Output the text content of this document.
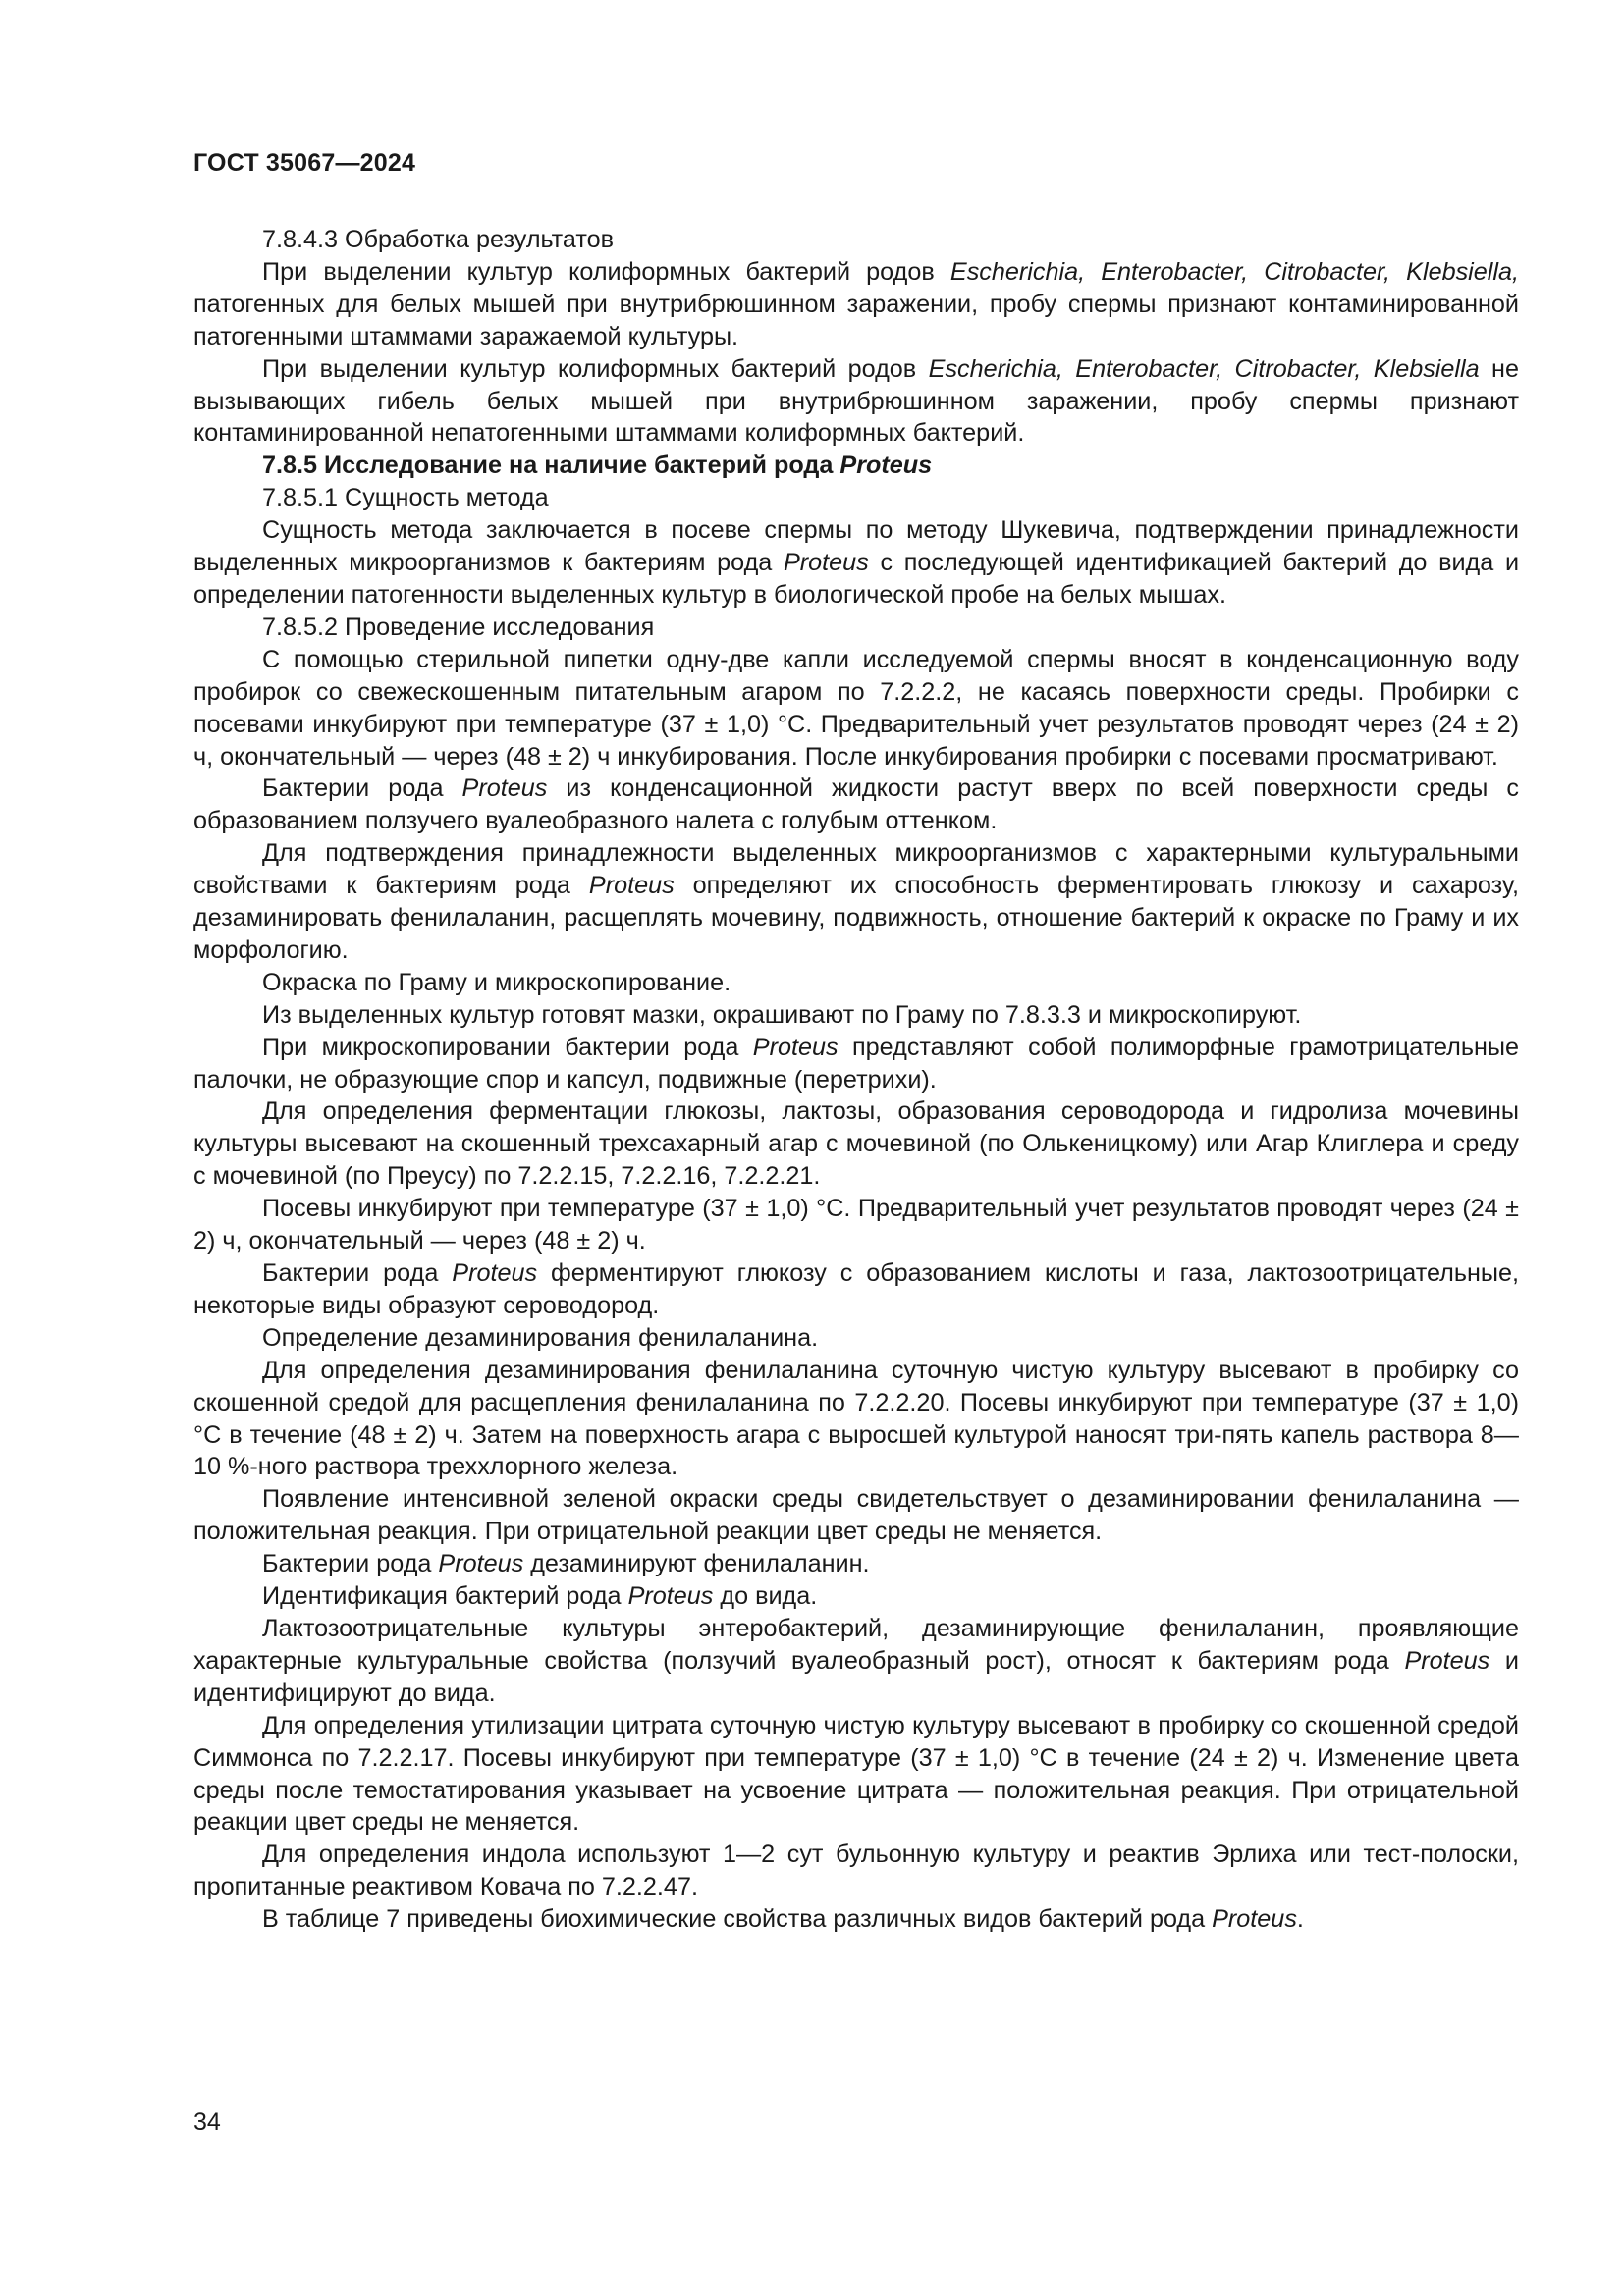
ГОСТ 35067—2024

7.8.4.3 Обработка результатов

При выделении культур колиформных бактерий родов Escherichia, Enterobacter, Citrobacter, Klebsiella, патогенных для белых мышей при внутрибрюшинном заражении, пробу спермы признают контаминированной патогенными штаммами заражаемой культуры.

При выделении культур колиформных бактерий родов Escherichia, Enterobacter, Citrobacter, Klebsiella не вызывающих гибель белых мышей при внутрибрюшинном заражении, пробу спермы признают контаминированной непатогенными штаммами колиформных бактерий.

7.8.5 Исследование на наличие бактерий рода Proteus

7.8.5.1 Сущность метода

Сущность метода заключается в посеве спермы по методу Шукевича, подтверждении принадлежности выделенных микроорганизмов к бактериям рода Proteus с последующей идентификацией бактерий до вида и определении патогенности выделенных культур в биологической пробе на белых мышах.

7.8.5.2 Проведение исследования

С помощью стерильной пипетки одну-две капли исследуемой спермы вносят в конденсационную воду пробирок со свежескошенным питательным агаром по 7.2.2.2, не касаясь поверхности среды. Пробирки с посевами инкубируют при температуре (37 ± 1,0) °С. Предварительный учет результатов проводят через (24 ± 2) ч, окончательный — через (48 ± 2) ч инкубирования. После инкубирования пробирки с посевами просматривают.

Бактерии рода Proteus из конденсационной жидкости растут вверх по всей поверхности среды с образованием ползучего вуалеобразного налета с голубым оттенком.

Для подтверждения принадлежности выделенных микроорганизмов с характерными культуральными свойствами к бактериям рода Proteus определяют их способность ферментировать глюкозу и сахарозу, дезаминировать фенилаланин, расщеплять мочевину, подвижность, отношение бактерий к окраске по Граму и их морфологию.

Окраска по Граму и микроскопирование.

Из выделенных культур готовят мазки, окрашивают по Граму по 7.8.3.3 и микроскопируют.

При микроскопировании бактерии рода Proteus представляют собой полиморфные грамотрицательные палочки, не образующие спор и капсул, подвижные (перетрихи).

Для определения ферментации глюкозы, лактозы, образования сероводорода и гидролиза мочевины культуры высевают на скошенный трехсахарный агар с мочевиной (по Олькеницкому) или Агар Клиглера и среду с мочевиной (по Преусу) по 7.2.2.15, 7.2.2.16, 7.2.2.21.

Посевы инкубируют при температуре (37 ± 1,0) °С. Предварительный учет результатов проводят через (24 ± 2) ч, окончательный — через (48 ± 2) ч.

Бактерии рода Proteus ферментируют глюкозу с образованием кислоты и газа, лактозоотрицательные, некоторые виды образуют сероводород.

Определение дезаминирования фенилаланина.

Для определения дезаминирования фенилаланина суточную чистую культуру высевают в пробирку со скошенной средой для расщепления фенилаланина по 7.2.2.20. Посевы инкубируют при температуре (37 ± 1,0) °С в течение (48 ± 2) ч. Затем на поверхность агара с выросшей культурой наносят три-пять капель раствора 8—10 %-ного раствора треххлорного железа.

Появление интенсивной зеленой окраски среды свидетельствует о дезаминировании фенилаланина — положительная реакция. При отрицательной реакции цвет среды не меняется.

Бактерии рода Proteus дезаминируют фенилаланин.

Идентификация бактерий рода Proteus до вида.

Лактозоотрицательные культуры энтеробактерий, дезаминирующие фенилаланин, проявляющие характерные культуральные свойства (ползучий вуалеобразный рост), относят к бактериям рода Proteus и идентифицируют до вида.

Для определения утилизации цитрата суточную чистую культуру высевают в пробирку со скошенной средой Симмонса по 7.2.2.17. Посевы инкубируют при температуре (37 ± 1,0) °С в течение (24 ± 2) ч. Изменение цвета среды после темостатирования указывает на усвоение цитрата — положительная реакция. При отрицательной реакции цвет среды не меняется.

Для определения индола используют 1—2 сут бульонную культуру и реактив Эрлиха или тест-полоски, пропитанные реактивом Ковача по 7.2.2.47.

В таблице 7 приведены биохимические свойства различных видов бактерий рода Proteus.

34
